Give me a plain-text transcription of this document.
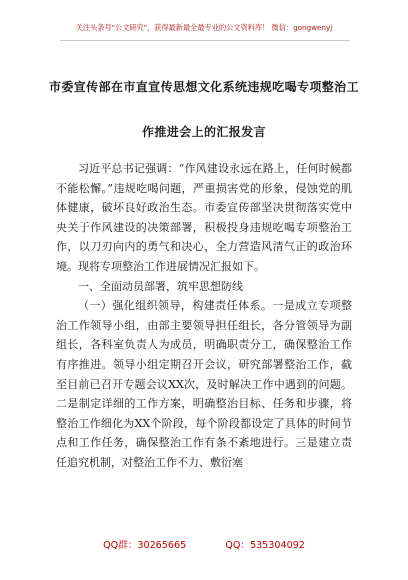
关注头条号"公文研究"，获得最新最全最专业的公文资料库！ 微信：gongwenyj
市委宣传部在市直宣传思想文化系统违规吃喝专项整治工
作推进会上的汇报发言

习近平总书记强调：“作风建设永远在路上，任何时候都不能松懈。”违规吃喝问题，严重损害党的形象，侵蚀党的肌体健康，破坏良好政治生态。市委宣传部坚决贯彻落实党中央关于作风建设的决策部署，积极投身违规吃喝专项整治工作，以刀刃向内的勇气和决心，全力营造风清气正的政治环境。现将专项整治工作进展情况汇报如下。

一、全面动员部署，筑牢思想防线

（一）强化组织领导，构建责任体系。一是成立专项整治工作领导小组，由部主要领导担任组长，各分管领导为副组长，各科室负责人为成员，明确职责分工，确保整治工作有序推进。领导小组定期召开会议，研究部署整治工作，截至目前已召开专题会议XX次，及时解决工作中遇到的问题。二是制定详细的工作方案，明确整治目标、任务和步骤，将整治工作细化为XX个阶段，每个阶段都设定了具体的时间节点和工作任务，确保整治工作有条不紊地进行。三是建立责任追究机制，对整治工作不力、敷衍塞

QQ群：30265665	QQ：535304092
